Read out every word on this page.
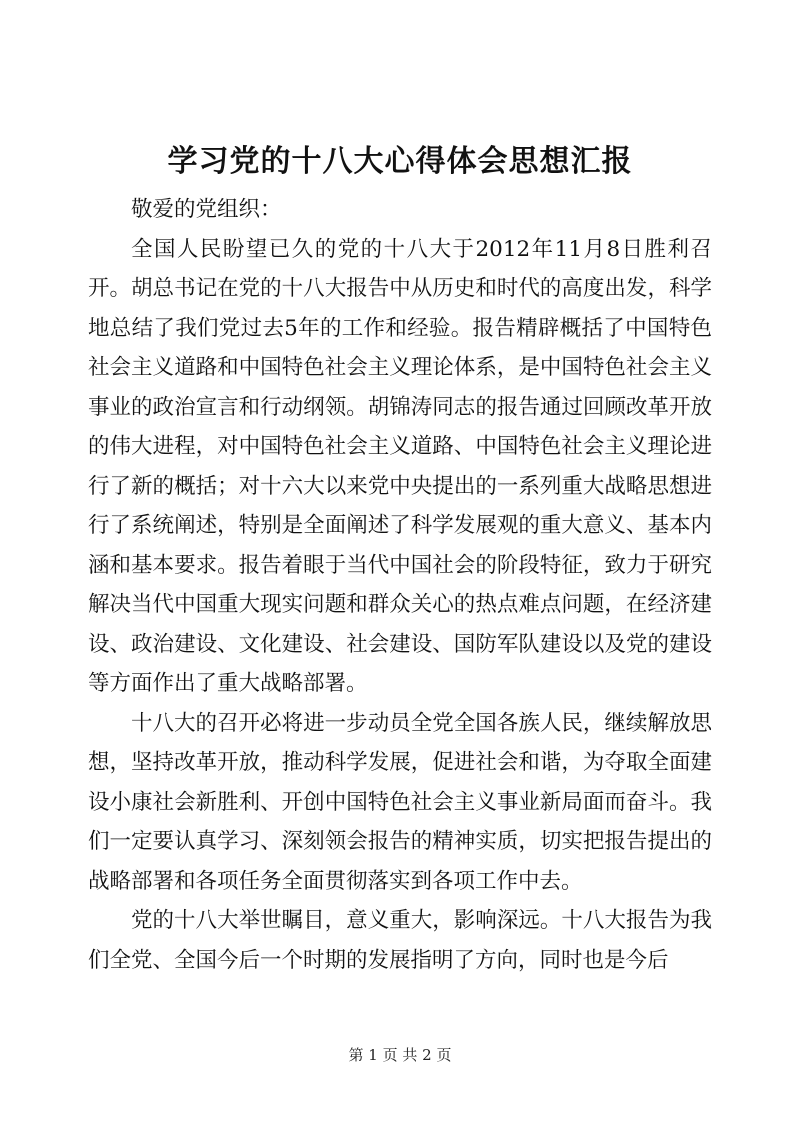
学习党的十八大心得体会思想汇报

敬爱的党组织：

全国人民盼望已久的党的十八大于2012年11月8日胜利召开。胡总书记在党的十八大报告中从历史和时代的高度出发，科学地总结了我们党过去5年的工作和经验。报告精辟概括了中国特色社会主义道路和中国特色社会主义理论体系，是中国特色社会主义事业的政治宣言和行动纲领。胡锦涛同志的报告通过回顾改革开放的伟大进程，对中国特色社会主义道路、中国特色社会主义理论进行了新的概括；对十六大以来党中央提出的一系列重大战略思想进行了系统阐述，特别是全面阐述了科学发展观的重大意义、基本内涵和基本要求。报告着眼于当代中国社会的阶段特征，致力于研究解决当代中国重大现实问题和群众关心的热点难点问题，在经济建设、政治建设、文化建设、社会建设、国防军队建设以及党的建设等方面作出了重大战略部署。

十八大的召开必将进一步动员全党全国各族人民，继续解放思想，坚持改革开放，推动科学发展，促进社会和谐，为夺取全面建设小康社会新胜利、开创中国特色社会主义事业新局面而奋斗。我们一定要认真学习、深刻领会报告的精神实质，切实把报告提出的战略部署和各项任务全面贯彻落实到各项工作中去。

党的十八大举世瞩目，意义重大，影响深远。十八大报告为我们全党、全国今后一个时期的发展指明了方向，同时也是今后

第 1 页 共 2 页
